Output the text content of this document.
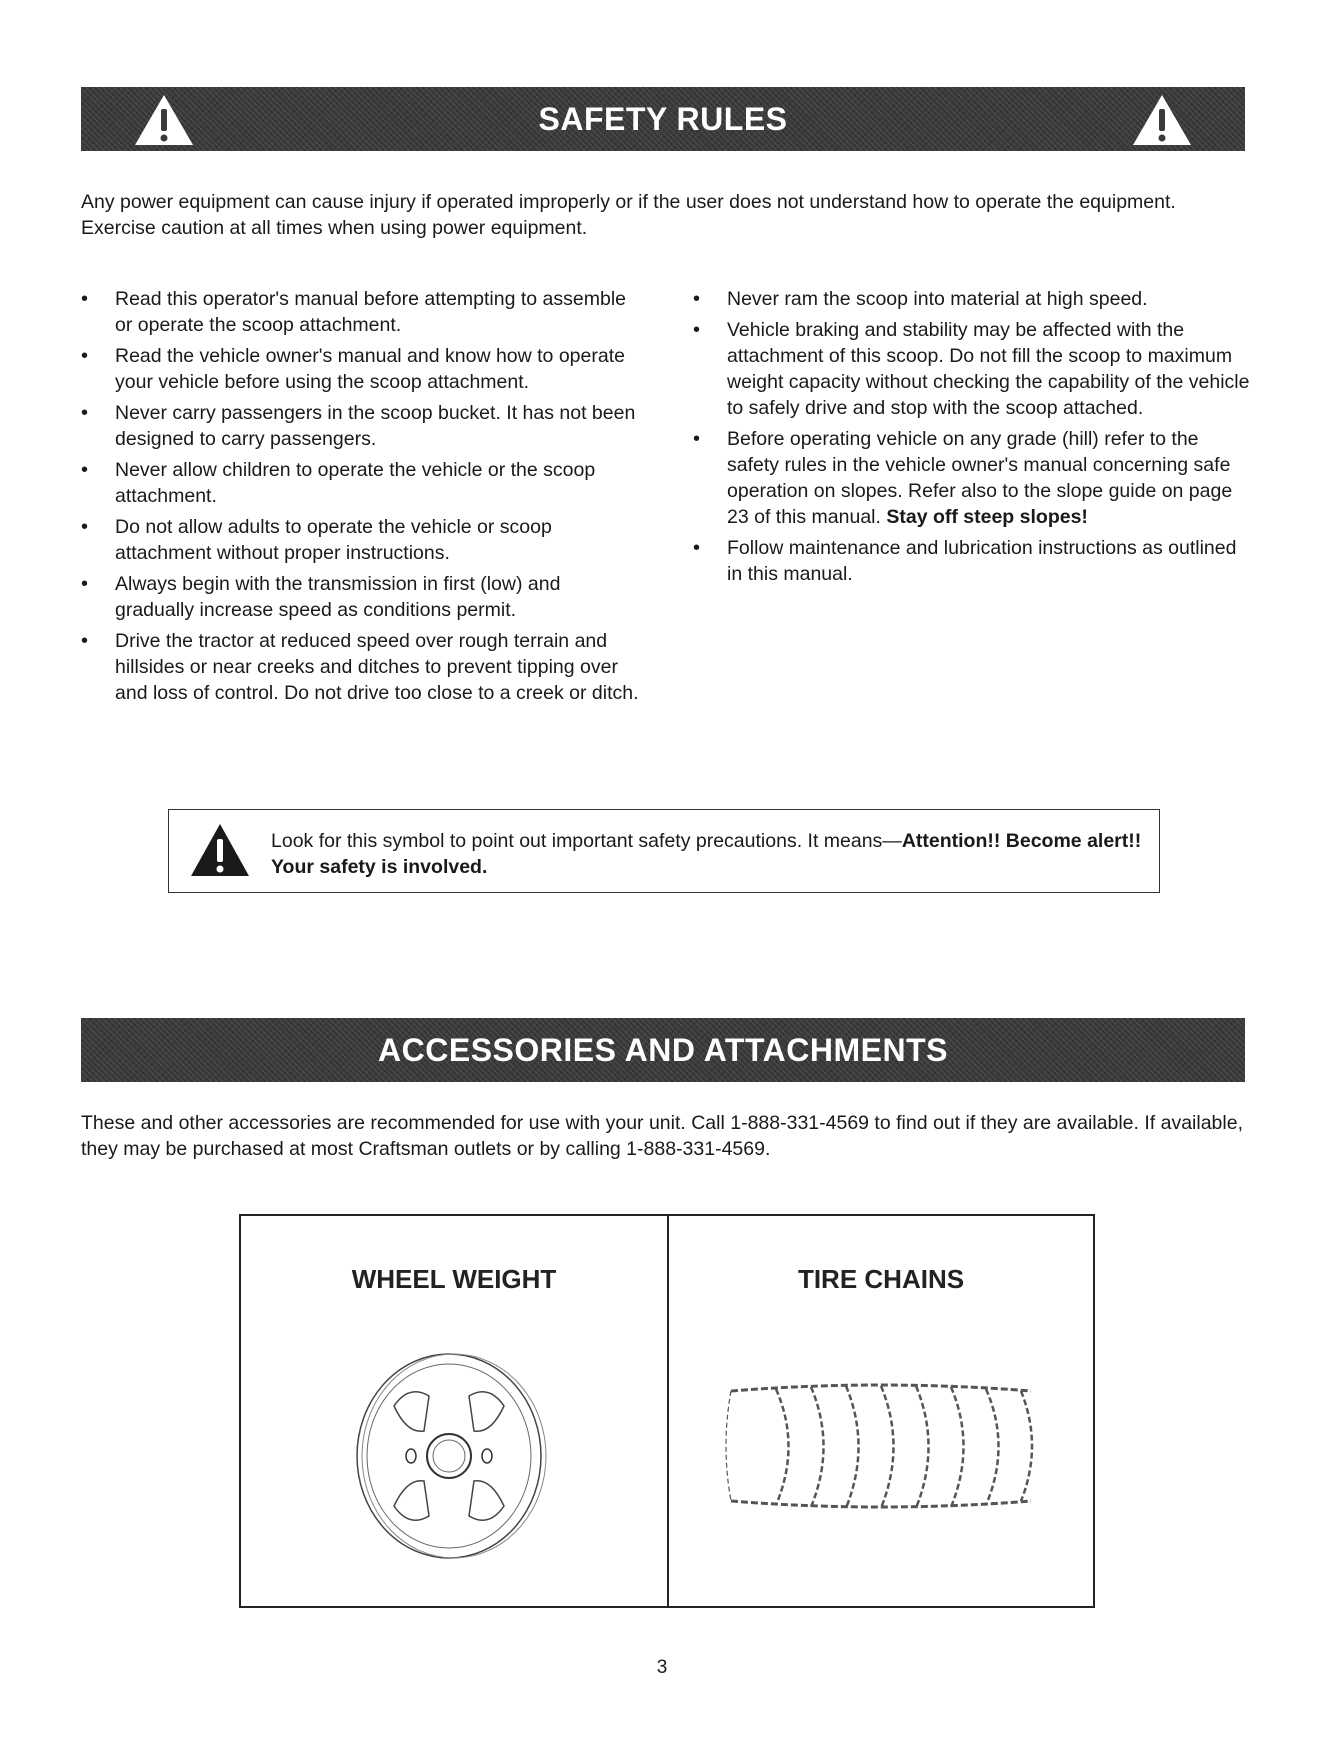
SAFETY RULES

Any power equipment can cause injury if operated improperly or if the user does not understand how to operate the equipment. Exercise caution at all times when using power equipment.

• Read this operator's manual before attempting to assemble or operate the scoop attachment.
• Read the vehicle owner's manual and know how to operate your vehicle before using the scoop attachment.
• Never carry passengers in the scoop bucket. It has not been designed to carry passengers.
• Never allow children to operate the vehicle or the scoop attachment.
• Do not allow adults to operate the vehicle or scoop attachment without proper instructions.
• Always begin with the transmission in first (low) and gradually increase speed as conditions permit.
• Drive the tractor at reduced speed over rough terrain and hillsides or near creeks and ditches to prevent tipping over and loss of control. Do not drive too close to a creek or ditch.
• Never ram the scoop into material at high speed.
• Vehicle braking and stability may be affected with the attachment of this scoop. Do not fill the scoop to maximum weight capacity without checking the capability of the vehicle to safely drive and stop with the scoop attached.
• Before operating vehicle on any grade (hill) refer to the safety rules in the vehicle owner's manual concerning safe operation on slopes. Refer also to the slope guide on page 23 of this manual. Stay off steep slopes!
• Follow maintenance and lubrication instructions as outlined in this manual.

Look for this symbol to point out important safety precautions. It means—Attention!! Become alert!! Your safety is involved.

ACCESSORIES AND ATTACHMENTS

These and other accessories are recommended for use with your unit. Call 1-888-331-4569 to find out if they are available. If available, they may be purchased at most Craftsman outlets or by calling 1-888-331-4569.

WHEEL WEIGHT	TIRE CHAINS
3
